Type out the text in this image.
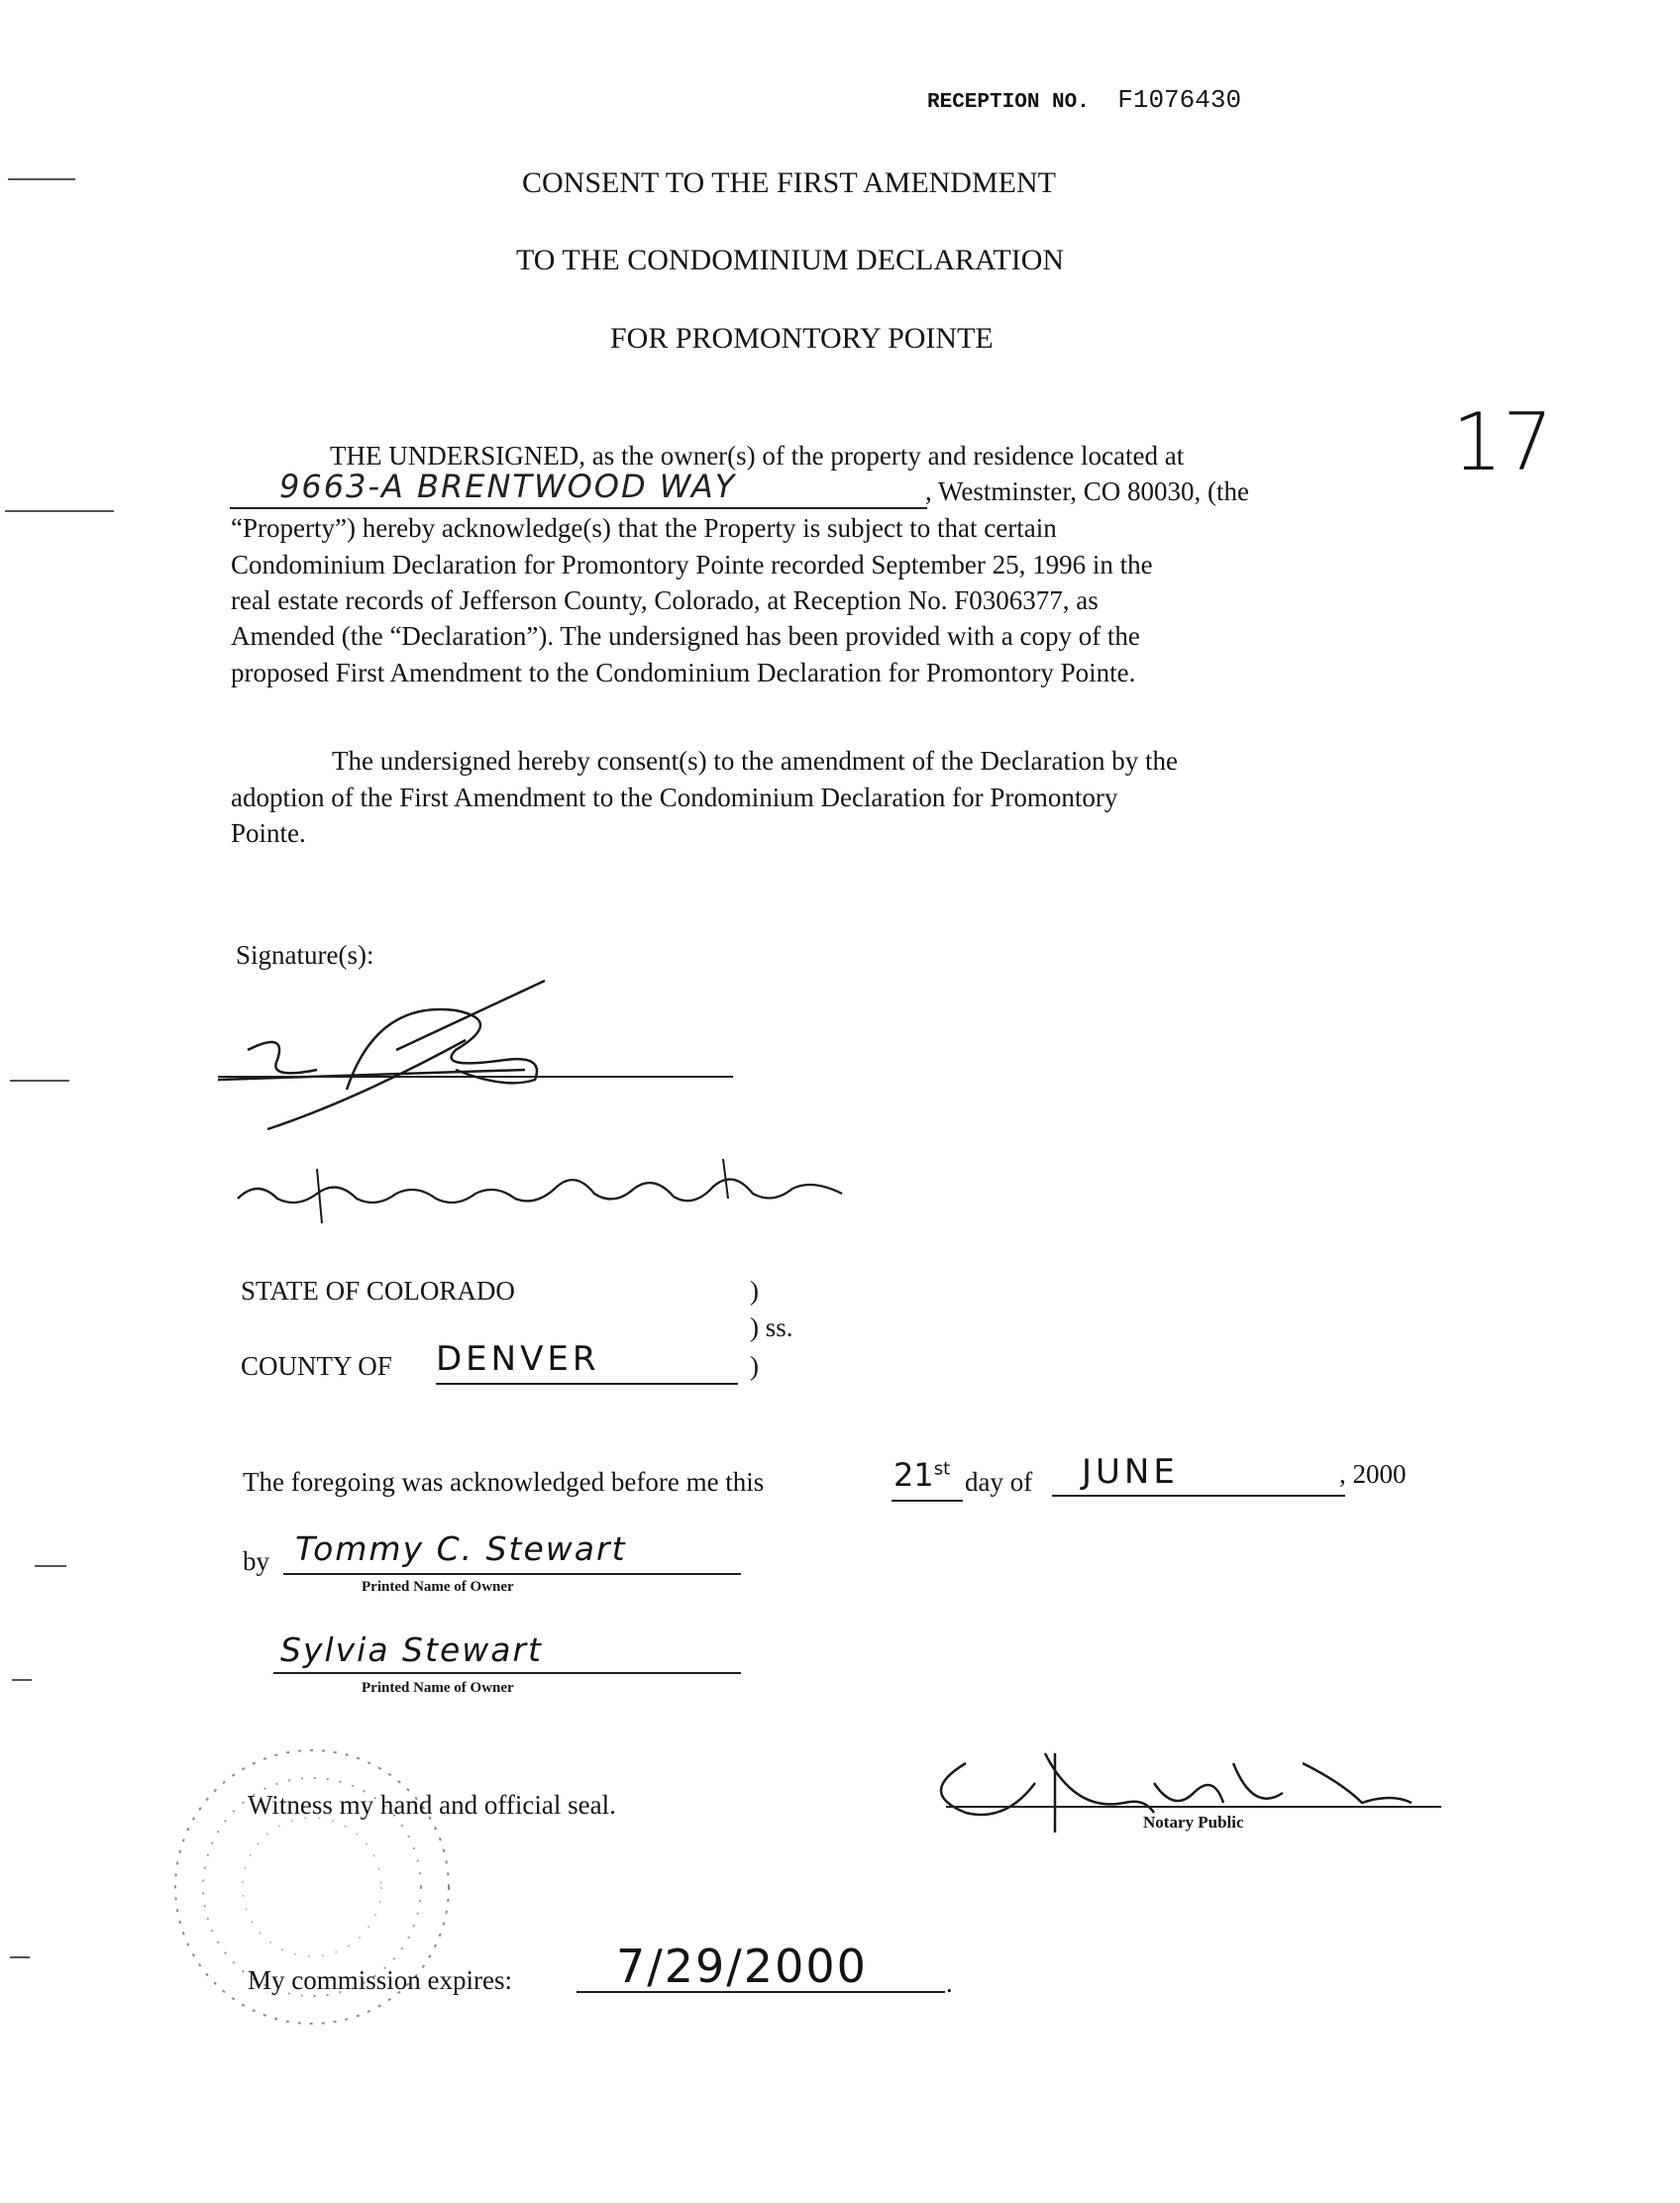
RECEPTION NO. F1076430
17
CONSENT TO THE FIRST AMENDMENT
TO THE CONDOMINIUM DECLARATION
FOR PROMONTORY POINTE
THE UNDERSIGNED, as the owner(s) of the property and residence located at
9663-A BRENTWOOD WAY	, Westminster, CO 80030, (the
“Property”) hereby acknowledge(s) that the Property is subject to that certain
Condominium Declaration for Promontory Pointe recorded September 25, 1996 in the
real estate records of Jefferson County, Colorado, at Reception No. F0306377, as
Amended (the “Declaration”). The undersigned has been provided with a copy of the
proposed First Amendment to the Condominium Declaration for Promontory Pointe.
The undersigned hereby consent(s) to the amendment of the Declaration by the
adoption of the First Amendment to the Condominium Declaration for Promontory
Pointe.
Signature(s):
STATE OF COLORADO	)
) ss.
COUNTY OF DENVER	)
The foregoing was acknowledged before me this	21st day of JUNE	, 2000
by Tommy C. Stewart
Printed Name of Owner
Sylvia Stewart
Printed Name of Owner
Witness my hand and official seal.
Notary Public
My commission expires: 7/29/2000	.
